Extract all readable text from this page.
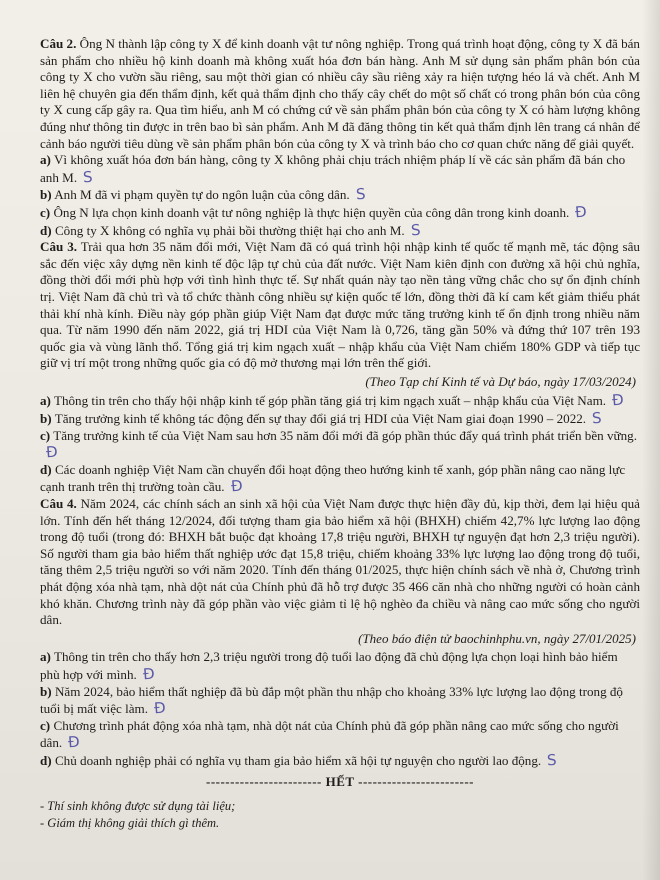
Câu 2. Ông N thành lập công ty X để kinh doanh vật tư nông nghiệp. Trong quá trình hoạt động, công ty X đã bán sản phẩm cho nhiều hộ kinh doanh mà không xuất hóa đơn bán hàng. Anh M sử dụng sản phẩm phân bón của công ty X cho vườn sầu riêng, sau một thời gian có nhiều cây sầu riêng xảy ra hiện tượng héo lá và chết. Anh M liên hệ chuyên gia đến thẩm định, kết quả thẩm định cho thấy cây chết do một số chất có trong phân bón của công ty X cung cấp gây ra. Qua tìm hiểu, anh M có chứng cứ về sản phẩm phân bón của công ty X có hàm lượng không đúng như thông tin được in trên bao bì sản phẩm. Anh M đã đăng thông tin kết quả thẩm định lên trang cá nhân để cảnh báo người tiêu dùng về sản phẩm phân bón của công ty X và trình báo cho cơ quan chức năng để giải quyết.

a) Vì không xuất hóa đơn bán hàng, công ty X không phải chịu trách nhiệm pháp lí về các sản phẩm đã bán cho anh M. S
b) Anh M đã vi phạm quyền tự do ngôn luận của công dân. S
c) Ông N lựa chọn kinh doanh vật tư nông nghiệp là thực hiện quyền của công dân trong kinh doanh. Đ
d) Công ty X không có nghĩa vụ phải bồi thường thiệt hại cho anh M. S

Câu 3. Trải qua hơn 35 năm đổi mới, Việt Nam đã có quá trình hội nhập kinh tế quốc tế mạnh mẽ, tác động sâu sắc đến việc xây dựng nền kinh tế độc lập tự chủ của đất nước. Việt Nam kiên định con đường xã hội chủ nghĩa, đồng thời đổi mới phù hợp với tình hình thực tế. Sự nhất quán này tạo nền tảng vững chắc cho sự ổn định chính trị. Việt Nam đã chủ trì và tổ chức thành công nhiều sự kiện quốc tế lớn, đồng thời đã kí cam kết giảm thiểu phát thải khí nhà kính. Điều này góp phần giúp Việt Nam đạt được mức tăng trưởng kinh tế ổn định trong nhiều năm qua. Từ năm 1990 đến năm 2022, giá trị HDI của Việt Nam là 0,726, tăng gần 50% và đứng thứ 107 trên 193 quốc gia và vùng lãnh thổ. Tổng giá trị kim ngạch xuất – nhập khẩu của Việt Nam chiếm 180% GDP và tiếp tục giữ vị trí một trong những quốc gia có độ mở thương mại lớn trên thế giới.

(Theo Tạp chí Kinh tế và Dự báo, ngày 17/03/2024)
a) Thông tin trên cho thấy hội nhập kinh tế góp phần tăng giá trị kim ngạch xuất – nhập khẩu của Việt Nam. Đ
b) Tăng trưởng kinh tế không tác động đến sự thay đổi giá trị HDI của Việt Nam giai đoạn 1990 – 2022. S
c) Tăng trưởng kinh tế của Việt Nam sau hơn 35 năm đổi mới đã góp phần thúc đẩy quá trình phát triển bền vững.Đ
d) Các doanh nghiệp Việt Nam cần chuyển đổi hoạt động theo hướng kinh tế xanh, góp phần nâng cao năng lực cạnh tranh trên thị trường toàn cầu. Đ

Câu 4. Năm 2024, các chính sách an sinh xã hội của Việt Nam được thực hiện đầy đủ, kịp thời, đem lại hiệu quả lớn. Tính đến hết tháng 12/2024, đối tượng tham gia bảo hiểm xã hội (BHXH) chiếm 42,7% lực lượng lao động trong độ tuổi (trong đó: BHXH bắt buộc đạt khoảng 17,8 triệu người, BHXH tự nguyện đạt hơn 2,3 triệu người). Số người tham gia bảo hiểm thất nghiệp ước đạt 15,8 triệu, chiếm khoảng 33% lực lượng lao động trong độ tuổi, tăng thêm 2,5 triệu người so với năm 2020. Tính đến tháng 01/2025, thực hiện chính sách về nhà ở, Chương trình phát động xóa nhà tạm, nhà dột nát của Chính phủ đã hỗ trợ được 35 466 căn nhà cho những người có hoàn cảnh khó khăn. Chương trình này đã góp phần vào việc giảm tỉ lệ hộ nghèo đa chiều và nâng cao mức sống cho người dân.

(Theo báo điện tử baochinhphu.vn, ngày 27/01/2025)
a) Thông tin trên cho thấy hơn 2,3 triệu người trong độ tuổi lao động đã chủ động lựa chọn loại hình bảo hiểm phù hợp với mình. Đ
b) Năm 2024, bảo hiểm thất nghiệp đã bù đắp một phần thu nhập cho khoảng 33% lực lượng lao động trong độ tuổi bị mất việc làm. Đ
c) Chương trình phát động xóa nhà tạm, nhà dột nát của Chính phủ đã góp phần nâng cao mức sống cho người dân. Đ
d) Chủ doanh nghiệp phải có nghĩa vụ tham gia bảo hiểm xã hội tự nguyện cho người lao động. S
------------------------ HẾT ------------------------
- Thí sinh không được sử dụng tài liệu;
- Giám thị không giải thích gì thêm.
